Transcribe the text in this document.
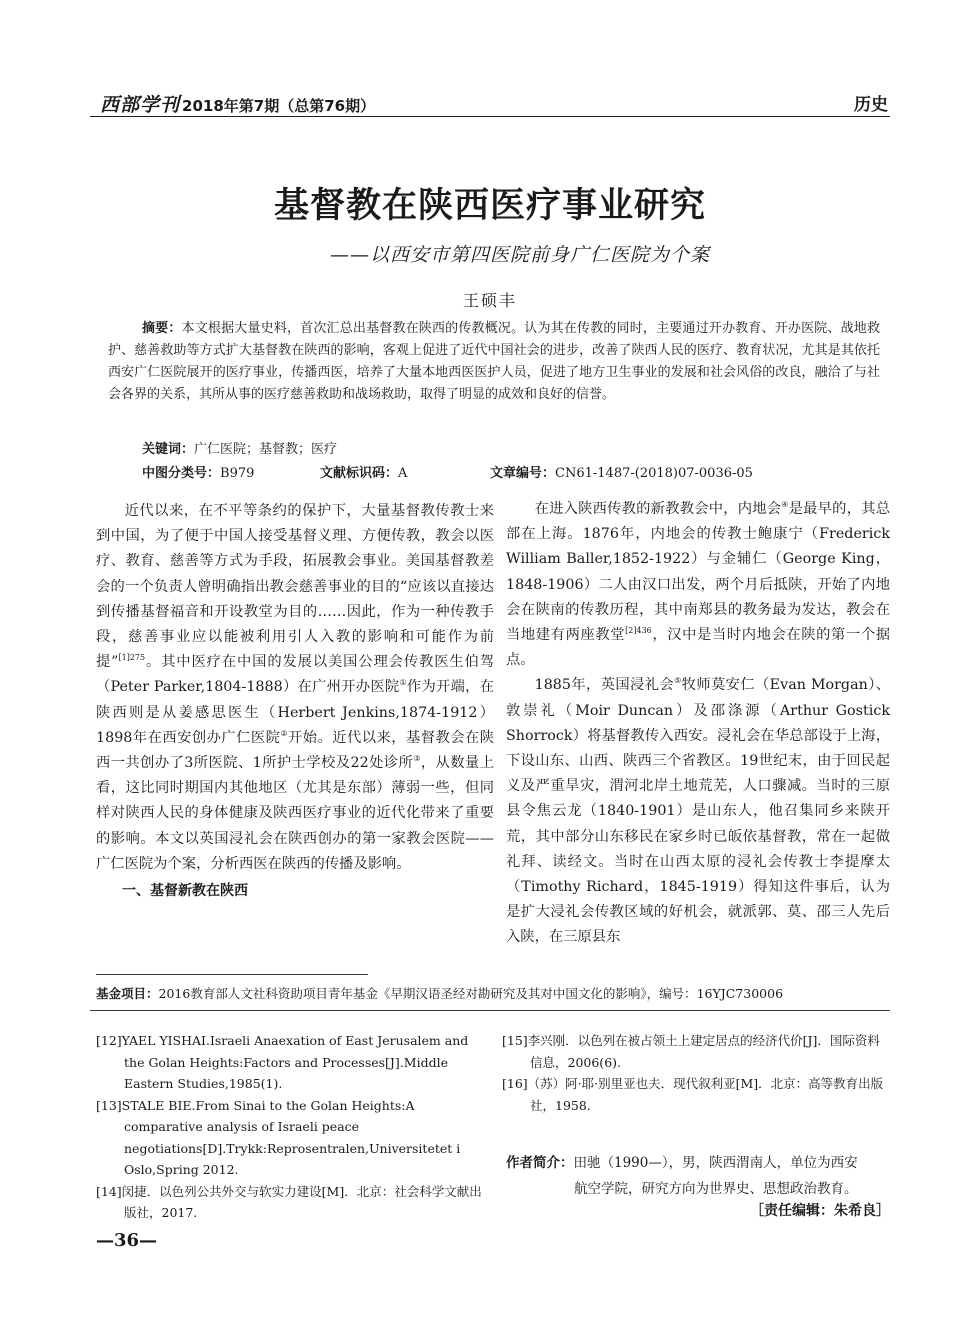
西部学刊 2018年第7期（总第76期）	历史
基督教在陕西医疗事业研究
——以西安市第四医院前身广仁医院为个案
王硕丰
摘要：本文根据大量史料，首次汇总出基督教在陕西的传教概况。认为其在传教的同时，主要通过开办教育、开办医院、战地救护、慈善救助等方式扩大基督教在陕西的影响，客观上促进了近代中国社会的进步，改善了陕西人民的医疗、教育状况，尤其是其依托西安广仁医院展开的医疗事业，传播西医，培养了大量本地西医医护人员，促进了地方卫生事业的发展和社会风俗的改良，融洽了与社会各界的关系，其所从事的医疗慈善救助和战场救助，取得了明显的成效和良好的信誉。
关键词：广仁医院；基督教；医疗
中图分类号：B979	文献标识码：A	文章编号：CN61-1487-(2018)07-0036-05

近代以来，在不平等条约的保护下，大量基督教传教士来到中国，为了便于中国人接受基督义理、方便传教，教会以医疗、教育、慈善等方式为手段，拓展教会事业。美国基督教差会的一个负责人曾明确指出教会慈善事业的目的“应该以直接达到传播基督福音和开设教堂为目的……因此，作为一种传教手段，慈善事业应以能被利用引人入教的影响和可能作为前提”$^{[1]275}$。其中医疗在中国的发展以美国公理会传教医生伯驾（Peter Parker,1804-1888）在广州开办医院①作为开端，在陕西则是从姜感思医生（Herbert Jenkins,1874-1912）1898年在西安创办广仁医院②开始。近代以来，基督教会在陕西一共创办了3所医院、1所护士学校及22处诊所③，从数量上看，这比同时期国内其他地区（尤其是东部）薄弱一些，但同样对陕西人民的身体健康及陕西医疗事业的近代化带来了重要的影响。本文以英国浸礼会在陕西创办的第一家教会医院——广仁医院为个案，分析西医在陕西的传播及影响。

一、基督新教在陕西

在进入陕西传教的新教教会中，内地会④是最早的，其总部在上海。1876年，内地会的传教士鲍康宁（Frederick William Baller,1852-1922）与金辅仁（George King，1848-1906）二人由汉口出发，两个月后抵陕，开始了内地会在陕南的传教历程，其中南郑县的教务最为发达，教会在当地建有两座教堂$^{[2]436}$，汉中是当时内地会在陕的第一个据点。

1885年，英国浸礼会⑤牧师莫安仁（Evan Morgan）、敦崇礼（Moir Duncan）及邵涤源（Arthur Gostick Shorrock）将基督教传入西安。浸礼会在华总部设于上海，下设山东、山西、陕西三个省教区。19世纪末，由于回民起义及严重旱灾，渭河北岸土地荒芜，人口骤减。当时的三原县令焦云龙（1840-1901）是山东人，他召集同乡来陕开荒，其中部分山东移民在家乡时已皈依基督教，常在一起做礼拜、读经文。当时在山西太原的浸礼会传教士李提摩太（Timothy Richard，1845-1919）得知这件事后，认为是扩大浸礼会传教区域的好机会，就派郭、莫、邵三人先后入陕，在三原县东

基金项目：2016教育部人文社科资助项目青年基金《早期汉语圣经对勘研究及其对中国文化的影响》，编号：16YJC730006
[12]YAEL YISHAI.Israeli Anaexation of East Jerusalem and the Golan Heights:Factors and Processes[J].Middle Eastern Studies,1985(1).
[13]STALE BIE.From Sinai to the Golan Heights:A comparative analysis of Israeli peace negotiations[D].Trykk:Reprosentralen,Universitetet i Oslo,Spring 2012.
[14]闵捷．以色列公共外交与软实力建设[M]．北京：社会科学文献出版社，2017.
[15]李兴刚．以色列在被占领土上建定居点的经济代价[J]．国际资料信息，2006(6).
[16]（苏）阿·耶·别里亚也夫．现代叙利亚[M]．北京：高等教育出版社，1958.
作者简介：田驰（1990—），男，陕西渭南人，单位为西安
航空学院，研究方向为世界史、思想政治教育。
［责任编辑：朱希良］
—36—
